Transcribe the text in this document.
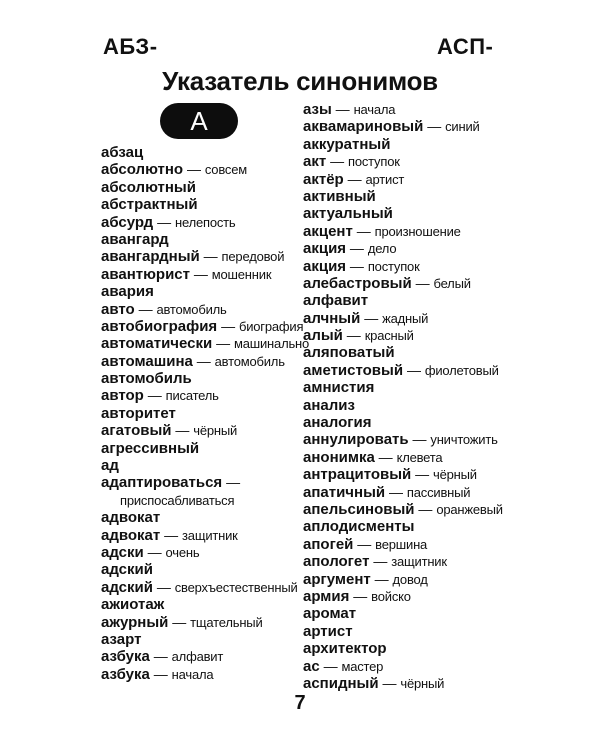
АБЗ-	АСП-
Указатель синонимов
А
абзац
абсолютно — совсем
абсолютный
абстрактный
абсурд — нелепость
авангард
авангардный — передовой
авантюрист — мошенник
авария
авто — автомобиль
автобиография — биография
автоматически — машинально
автомашина — автомобиль
автомобиль
автор — писатель
авторитет
агатовый — чёрный
агрессивный
ад
адаптироваться —
приспосабливаться
адвокат
адвокат — защитник
адски — очень
адский
адский — сверхъестественный
ажиотаж
ажурный — тщательный
азарт
азбука — алфавит
азбука — начала
азы — начала
аквамариновый — синий
аккуратный
акт — поступок
актёр — артист
активный
актуальный
акцент — произношение
акция — дело
акция — поступок
алебастровый — белый
алфавит
алчный — жадный
алый — красный
аляповатый
аметистовый — фиолетовый
амнистия
анализ
аналогия
аннулировать — уничтожить
анонимка — клевета
антрацитовый — чёрный
апатичный — пассивный
апельсиновый — оранжевый
аплодисменты
апогей — вершина
апологет — защитник
аргумент — довод
армия — войско
аромат
артист
архитектор
ас — мастер
аспидный — чёрный
7
